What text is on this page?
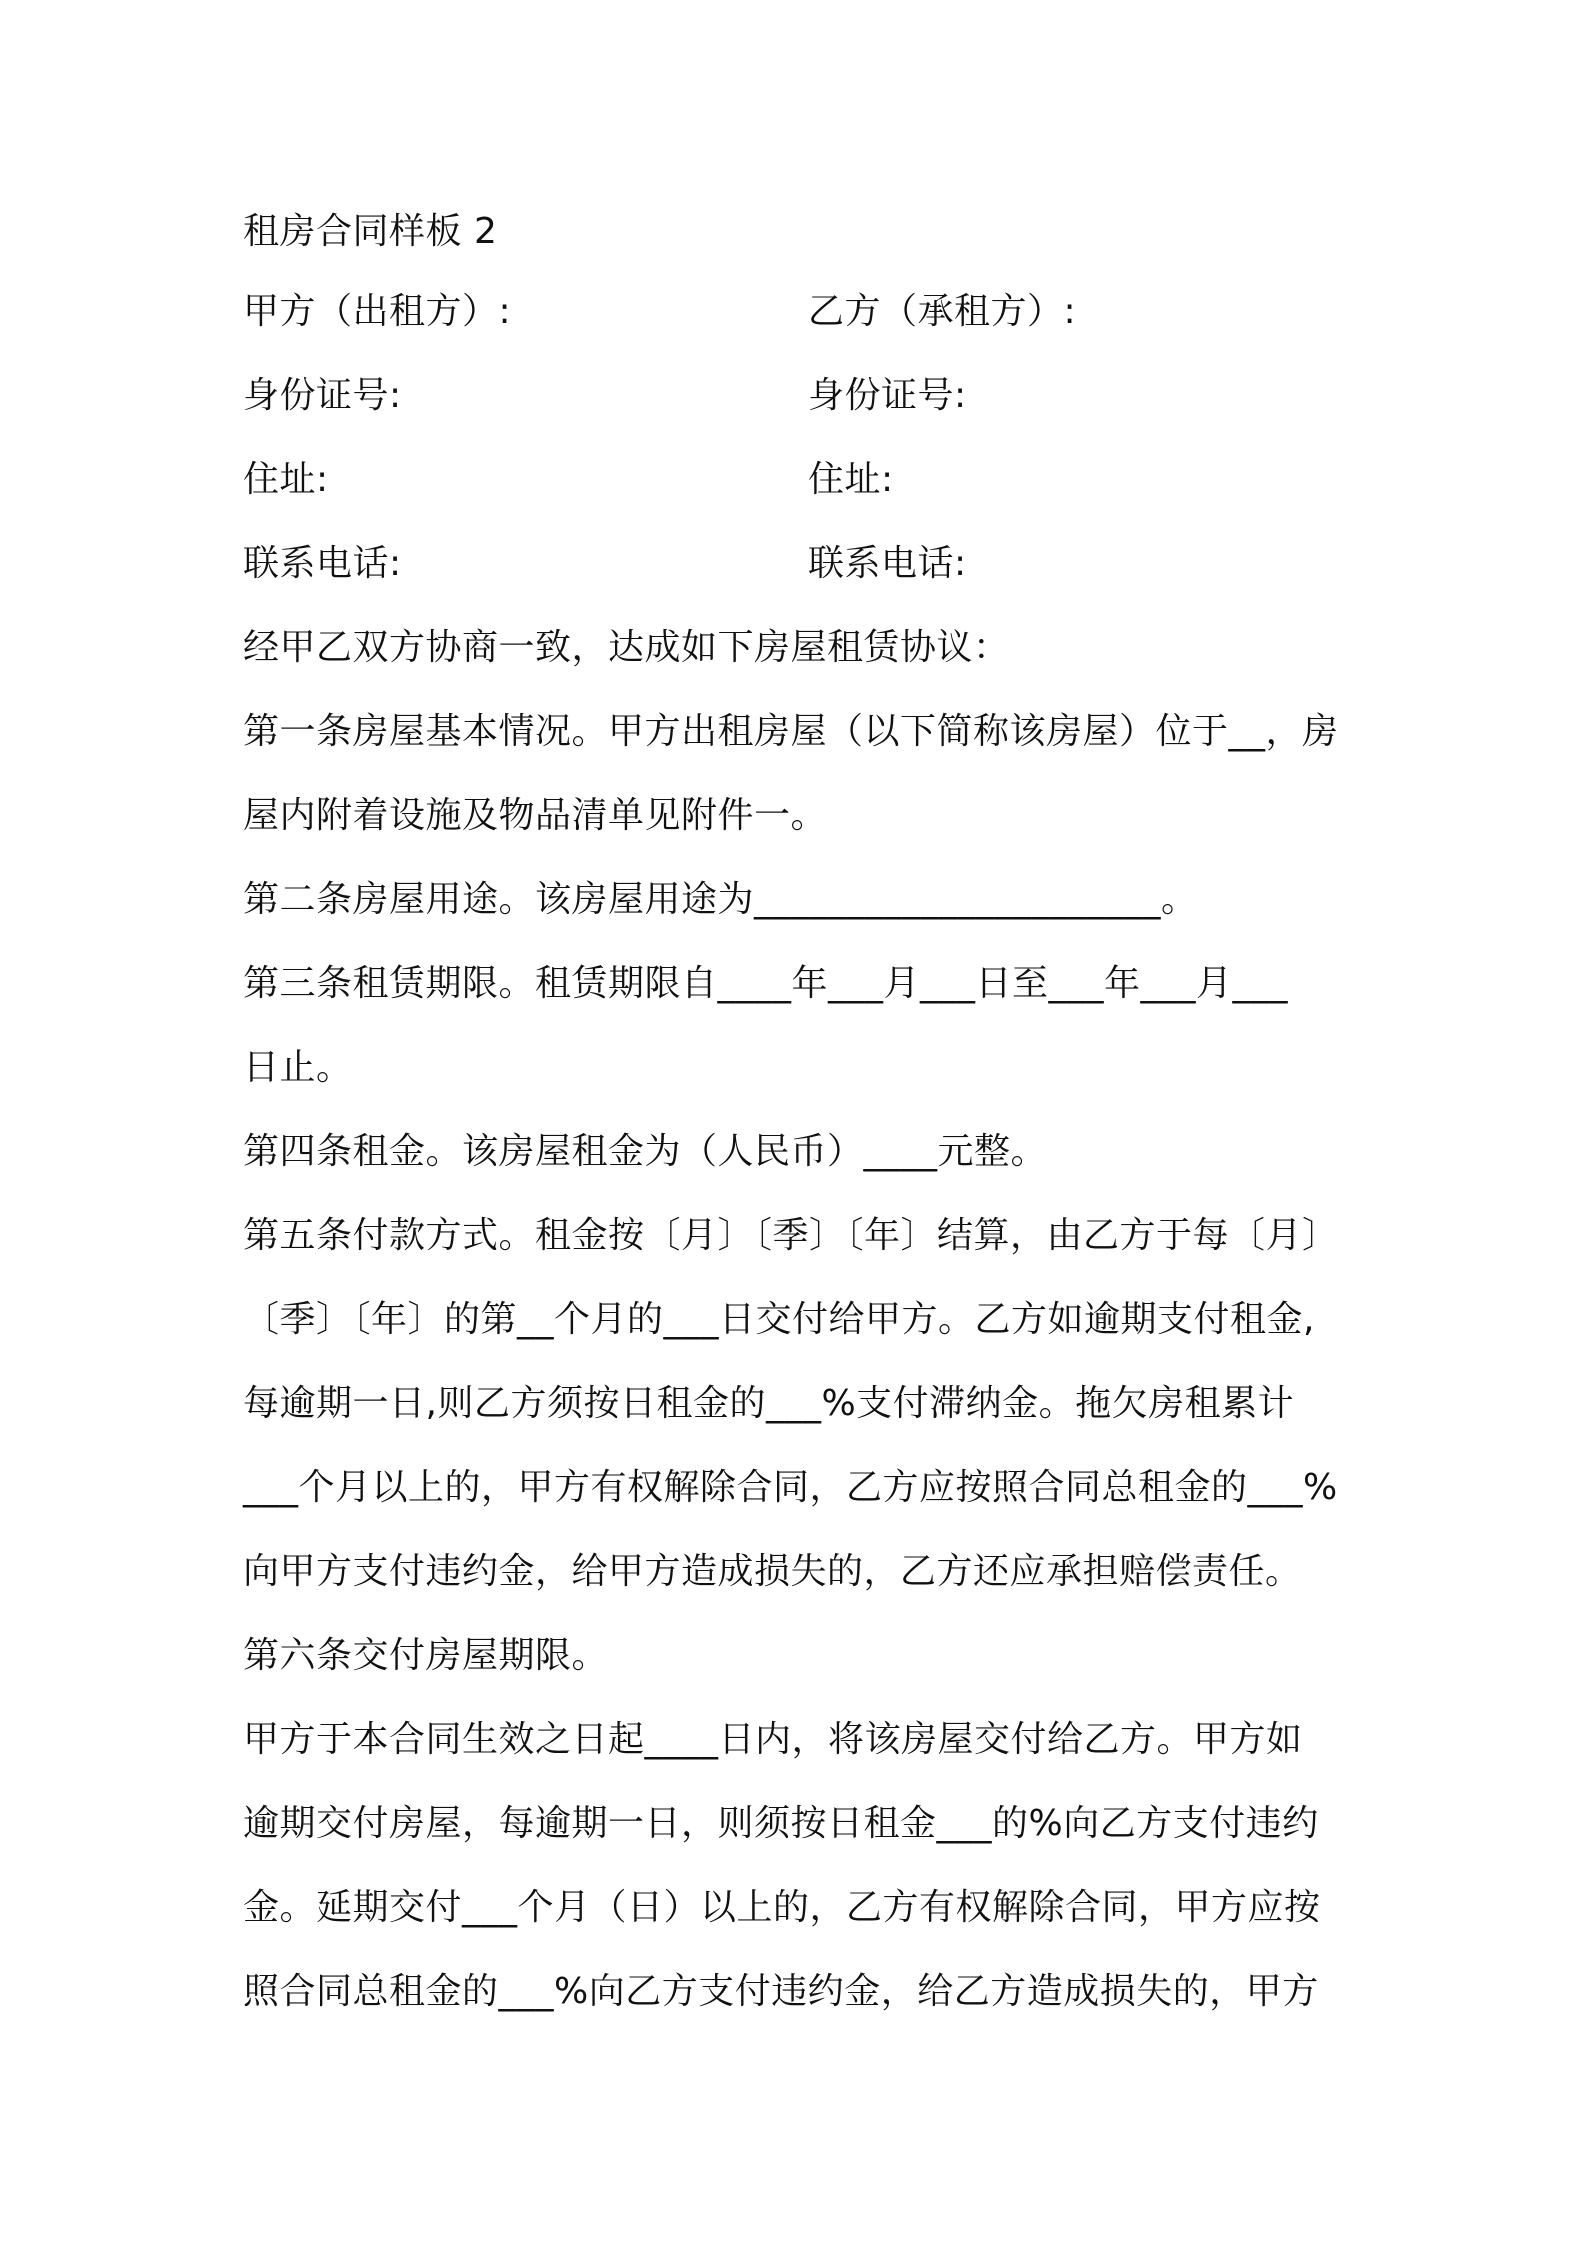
租房合同样板 2
甲方（出租方）:	乙方（承租方）:
身份证号:	身份证号:
住址:	住址:
联系电话:	联系电话:
经甲乙双方协商一致，达成如下房屋租赁协议：
第一条房屋基本情况。甲方出租房屋（以下简称该房屋）位于__，房
屋内附着设施及物品清单见附件一。
第二条房屋用途。该房屋用途为______________________。
第三条租赁期限。租赁期限自____年___月___日至___年___月___
日止。
第四条租金。该房屋租金为（人民币）____元整。
第五条付款方式。租金按〔月〕〔季〕〔年〕结算，由乙方于每〔月〕
〔季〕〔年〕的第__个月的___日交付给甲方。乙方如逾期支付租金,
每逾期一日,则乙方须按日租金的___%支付滞纳金。拖欠房租累计
___个月以上的，甲方有权解除合同，乙方应按照合同总租金的___%
向甲方支付违约金，给甲方造成损失的，乙方还应承担赔偿责任。
第六条交付房屋期限。
甲方于本合同生效之日起____日内，将该房屋交付给乙方。甲方如
逾期交付房屋，每逾期一日，则须按日租金___的%向乙方支付违约
金。延期交付___个月（日）以上的，乙方有权解除合同，甲方应按
照合同总租金的___%向乙方支付违约金，给乙方造成损失的，甲方
